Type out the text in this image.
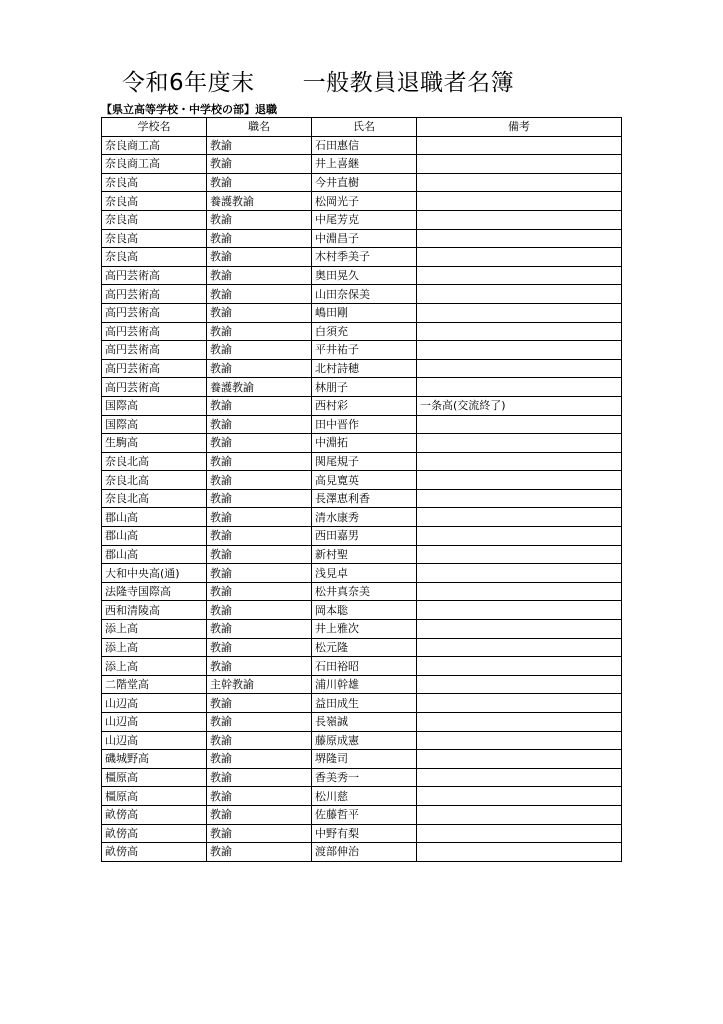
令和6年度末 一般教員退職者名簿
【県立高等学校・中学校の部】退職
学校名	職名	氏名	備考
奈良商工高	教諭	石田惠信	
奈良商工高	教諭	井上喜継	
奈良高	教諭	今井直樹	
奈良高	養護教諭	松岡光子	
奈良高	教諭	中尾芳克	
奈良高	教諭	中淵昌子	
奈良高	教諭	木村季美子	
高円芸術高	教諭	奥田晃久	
高円芸術高	教諭	山田奈保美	
高円芸術高	教諭	嶋田剛	
高円芸術高	教諭	白須充	
高円芸術高	教諭	平井祐子	
高円芸術高	教諭	北村詩穂	
高円芸術高	養護教諭	林朋子	
国際高	教諭	西村彩	一条高(交流終了)
国際高	教諭	田中晋作	
生駒高	教諭	中淵拓	
奈良北高	教諭	関尾規子	
奈良北高	教諭	高見寛英	
奈良北高	教諭	長澤恵利香	
郡山高	教諭	清水康秀	
郡山高	教諭	西田嘉男	
郡山高	教諭	新村聖	
大和中央高(通)	教諭	浅見卓	
法隆寺国際高	教諭	松井真奈美	
西和清陵高	教諭	岡本聡	
添上高	教諭	井上雅次	
添上高	教諭	松元隆	
添上高	教諭	石田裕昭	
二階堂高	主幹教諭	浦川幹雄	
山辺高	教諭	益田成生	
山辺高	教諭	長嶺誠	
山辺高	教諭	藤原成憲	
磯城野高	教諭	堺隆司	
橿原高	教諭	香美秀一	
橿原高	教諭	松川慈	
畝傍高	教諭	佐藤哲平	
畝傍高	教諭	中野有梨	
畝傍高	教諭	渡部伸治	
